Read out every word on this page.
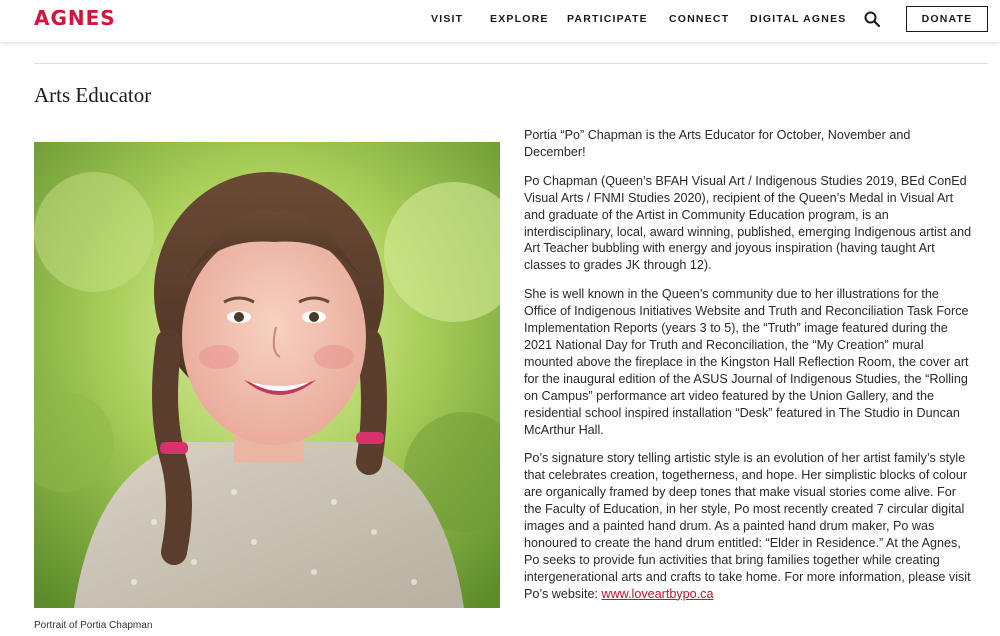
AGNES	VISIT	EXPLORE PARTICIPATE CONNECT DIGITAL AGNES	DONATE
Arts Educator
Portrait of Portia Chapman

Portia “Po” Chapman is the Arts Educator for October, November and December!

Po Chapman (Queen’s BFAH Visual Art / Indigenous Studies 2019, BEd ConEd Visual Arts / FNMI Studies 2020), recipient of the Queen’s Medal in Visual Art and graduate of the Artist in Community Education program, is an interdisciplinary, local, award winning, published, emerging Indigenous artist and Art Teacher bubbling with energy and joyous inspiration (having taught Art classes to grades JK through 12).

She is well known in the Queen’s community due to her illustrations for the Office of Indigenous Initiatives Website and Truth and Reconciliation Task Force Implementation Reports (years 3 to 5), the “Truth” image featured during the 2021 National Day for Truth and Reconciliation, the “My Creation” mural mounted above the fireplace in the Kingston Hall Reflection Room, the cover art for the inaugural edition of the ASUS Journal of Indigenous Studies, the “Rolling on Campus” performance art video featured by the Union Gallery, and the residential school inspired installation “Desk” featured in The Studio in Duncan McArthur Hall.

Po’s signature story telling artistic style is an evolution of her artist family’s style that celebrates creation, togetherness, and hope. Her simplistic blocks of colour are organically framed by deep tones that make visual stories come alive. For the Faculty of Education, in her style, Po most recently created 7 circular digital images and a painted hand drum. As a painted hand drum maker, Po was honoured to create the hand drum entitled: “Elder in Residence.” At the Agnes, Po seeks to provide fun activities that bring families together while creating intergenerational arts and crafts to take home. For more information, please visit Po’s website: www.loveartbypo.ca
